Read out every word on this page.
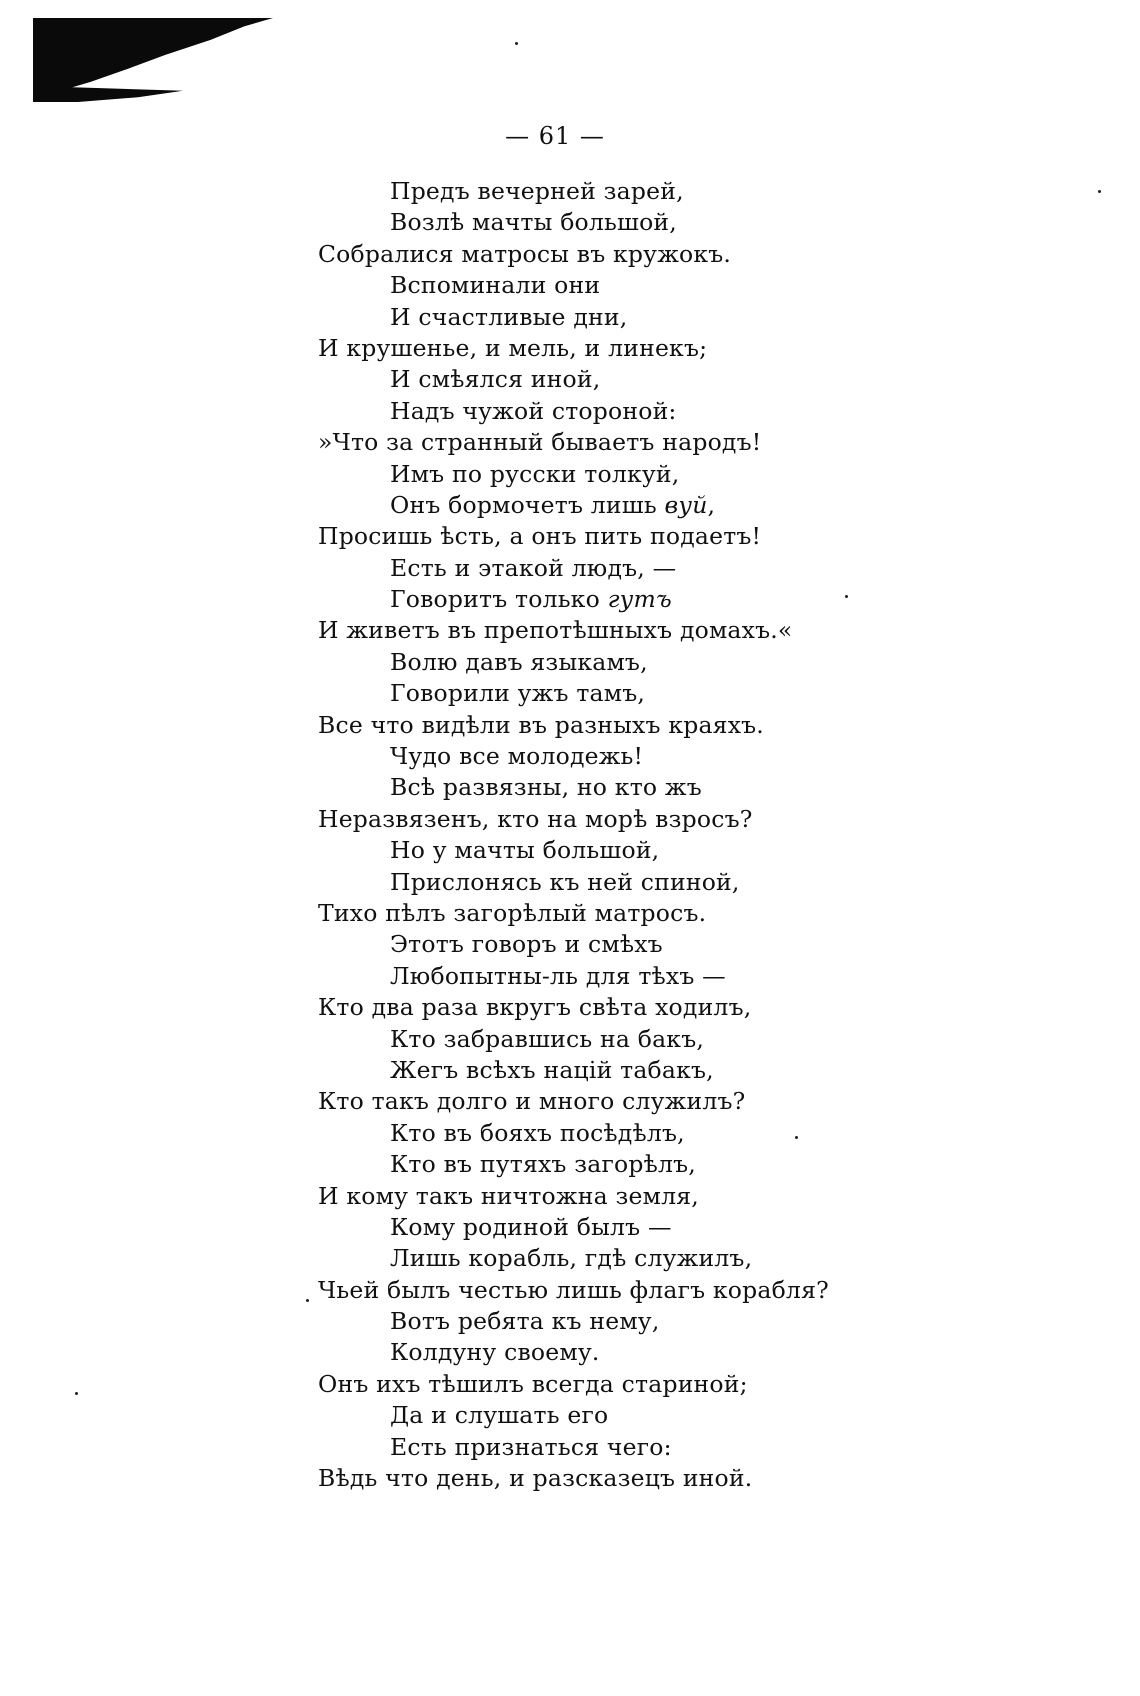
— 61 —
Предъ вечерней зарей,
Возлѣ мачты большой,
Собралися матросы въ кружокъ.
Вспоминали они
И счастливые дни,
И крушенье, и мель, и линекъ;
И смѣялся иной,
Надъ чужой стороной:
»Что за странный бываетъ народъ!
Имъ по русски толкуй,
Онъ бормочетъ лишь вуй,
Просишь ѣсть, а онъ пить подаетъ!
Есть и этакой людъ, —
Говоритъ только гутъ
И живетъ въ препотѣшныхъ домахъ.«
Волю давъ языкамъ,
Говорили ужъ тамъ,
Все что видѣли въ разныхъ краяхъ.
Чудо все молодежь!
Всѣ развязны, но кто жъ
Неразвязенъ, кто на морѣ взросъ?
Но у мачты большой,
Прислонясь къ ней спиной,
Тихо пѣлъ загорѣлый матросъ.
Этотъ говоръ и смѣхъ
Любопытны-ль для тѣхъ —
Кто два раза вкругъ свѣта ходилъ,
Кто забравшись на бакъ,
Жегъ всѣхъ націй табакъ,
Кто такъ долго и много служилъ?
Кто въ бояхъ посѣдѣлъ,
Кто въ путяхъ загорѣлъ,
И кому такъ ничтожна земля,
Кому родиной былъ —
Лишь корабль, гдѣ служилъ,
Чьей былъ честью лишь флагъ корабля?
Вотъ ребята къ нему,
Колдуну своему.
Онъ ихъ тѣшилъ всегда стариной;
Да и слушать его
Есть признаться чего:
Вѣдь что день, и разсказецъ иной.
